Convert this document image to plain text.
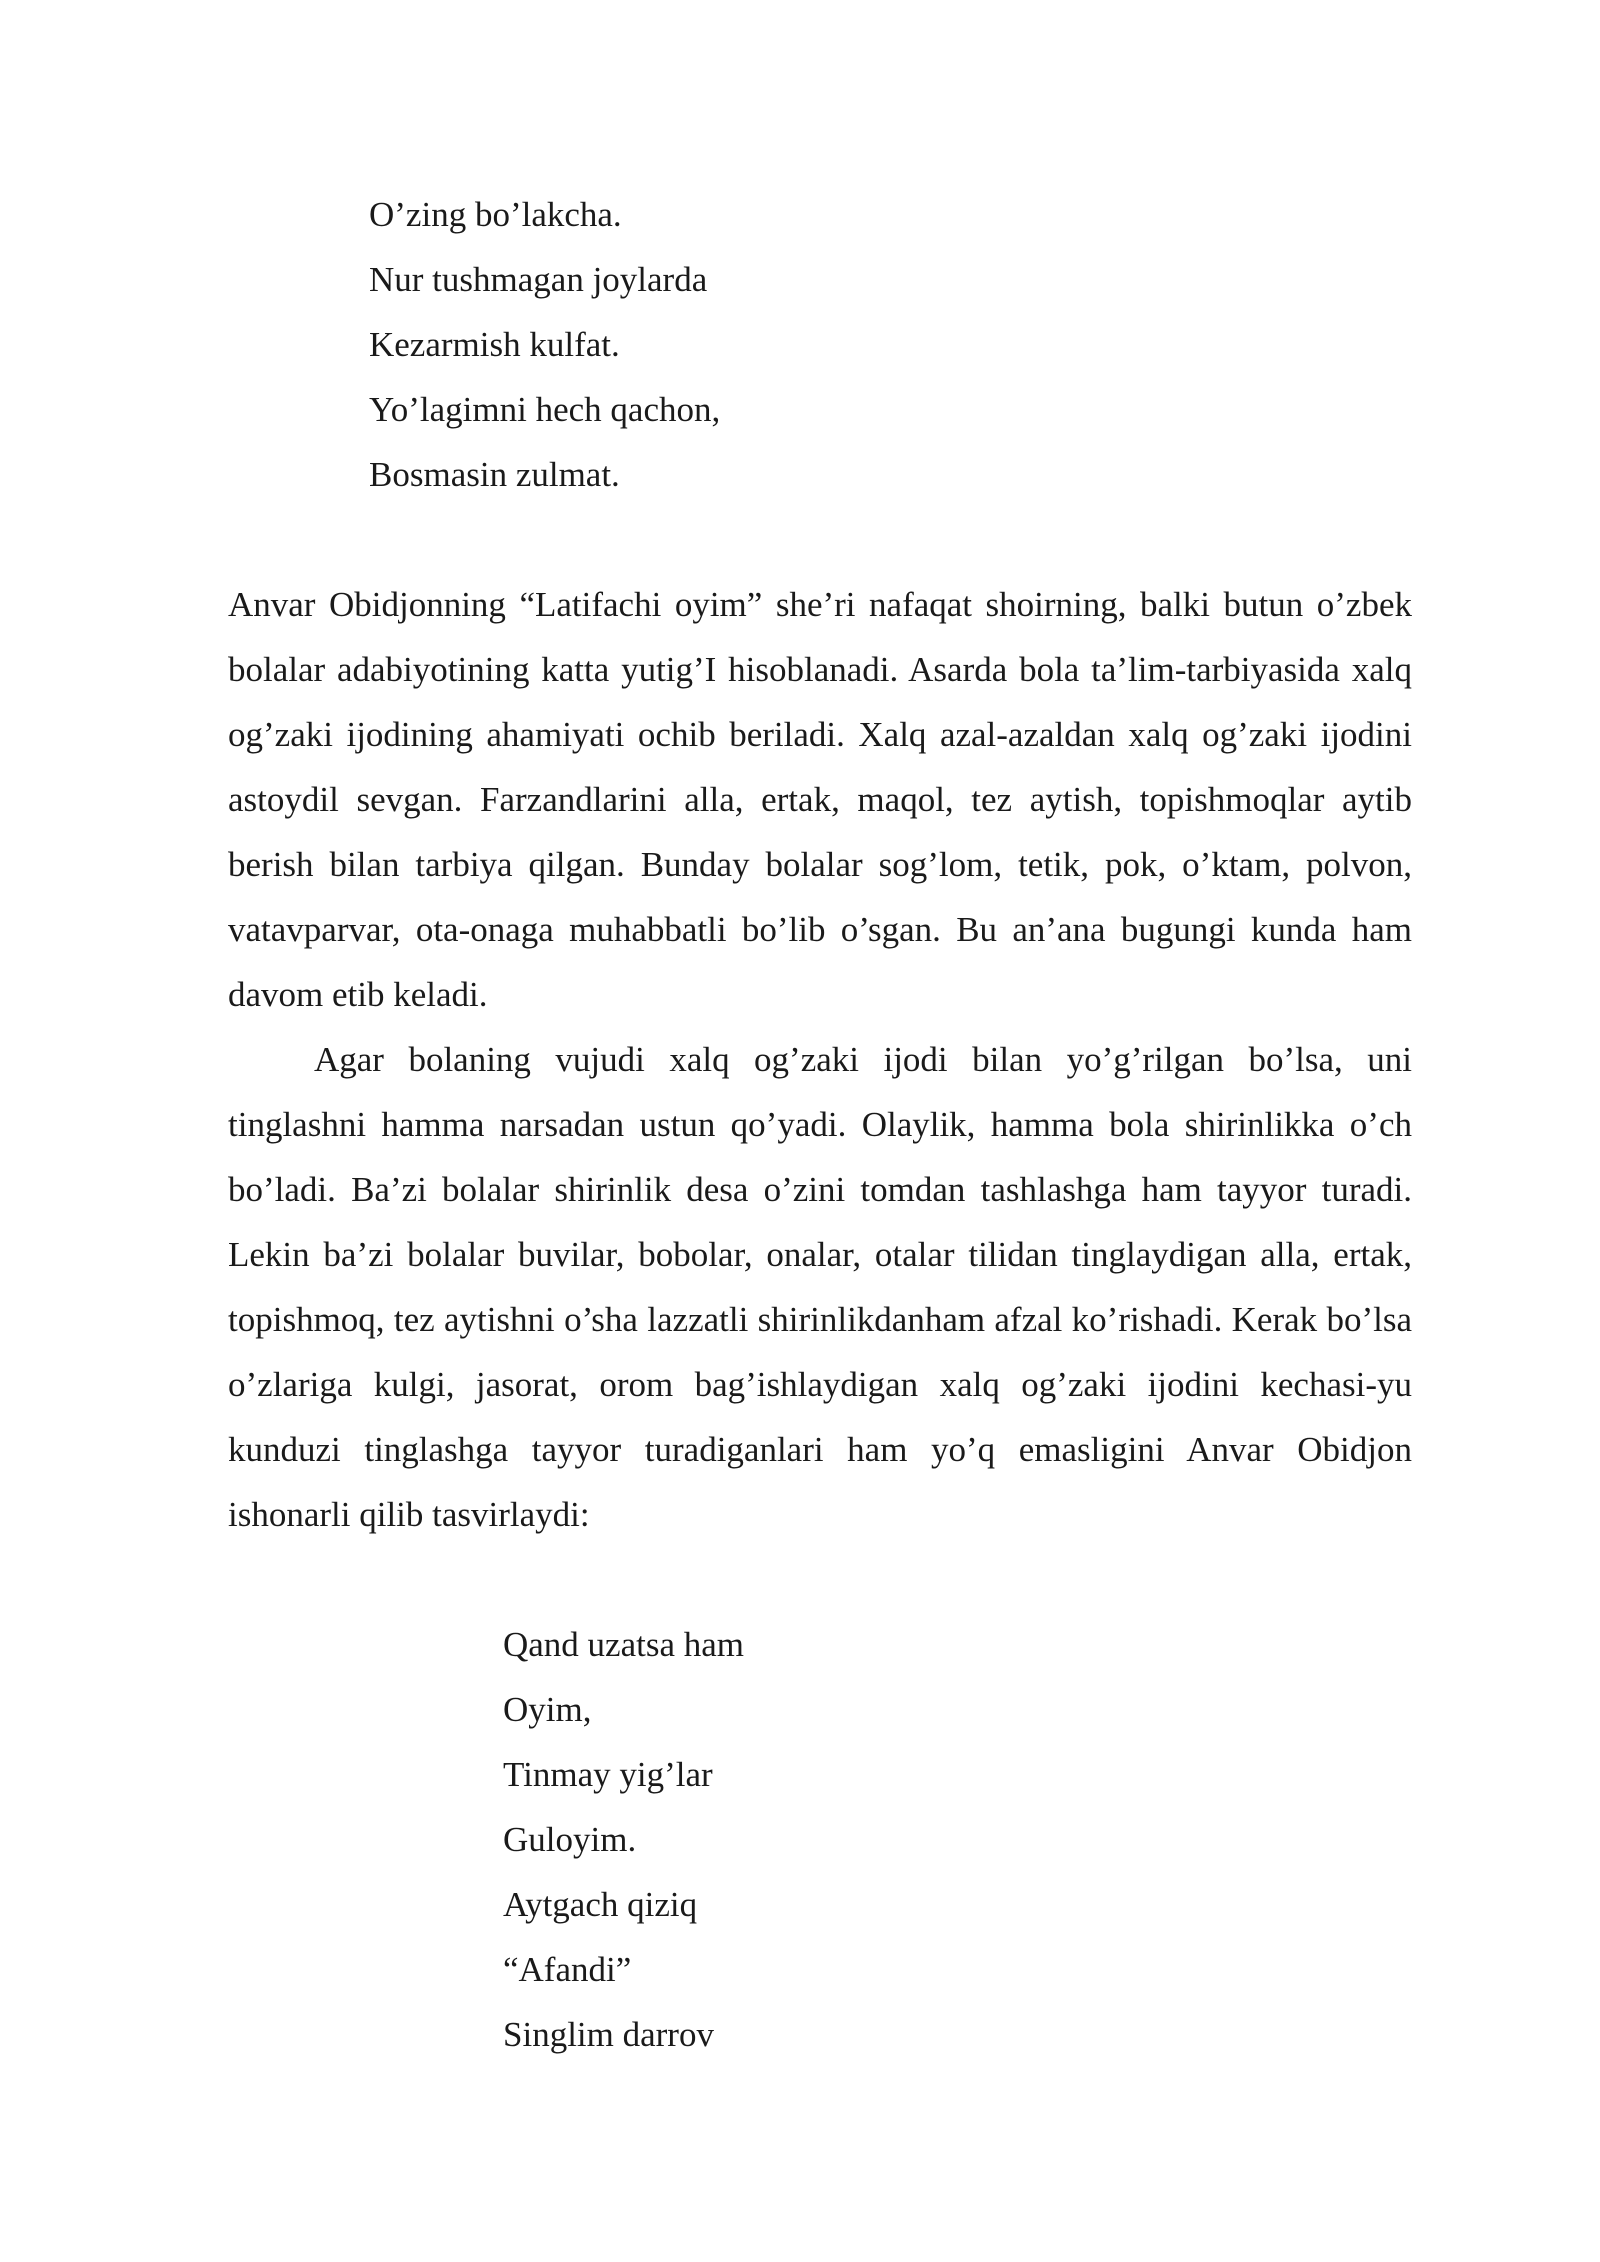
O’zing bo’lakcha.
Nur tushmagan joylarda
Kezarmish kulfat.
Yo’lagimni hech qachon,
Bosmasin zulmat.

Anvar Obidjonning “Latifachi oyim” she’ri nafaqat shoirning, balki butun o’zbek bolalar adabiyotining katta yutig’I hisoblanadi. Asarda bola ta’lim-tarbiyasida xalq og’zaki ijodining ahamiyati ochib beriladi. Xalq azal-azaldan xalq og’zaki ijodini astoydil sevgan. Farzandlarini alla, ertak, maqol, tez aytish, topishmoqlar aytib berish bilan tarbiya qilgan. Bunday bolalar sog’lom, tetik, pok, o’ktam, polvon, vatavparvar, ota-onaga muhabbatli bo’lib o’sgan. Bu an’ana bugungi kunda ham davom etib keladi.

Agar bolaning vujudi xalq og’zaki ijodi bilan yo’g’rilgan bo’lsa, uni tinglashni hamma narsadan ustun qo’yadi. Olaylik, hamma bola shirinlikka o’ch bo’ladi. Ba’zi bolalar shirinlik desa o’zini tomdan tashlashga ham tayyor turadi. Lekin ba’zi bolalar buvilar, bobolar, onalar, otalar tilidan tinglaydigan alla, ertak, topishmoq, tez aytishni o’sha lazzatli shirinlikdanham afzal ko’rishadi. Kerak bo’lsa o’zlariga kulgi, jasorat, orom bag’ishlaydigan xalq og’zaki ijodini kechasi-yu kunduzi tinglashga tayyor turadiganlari ham yo’q emasligini Anvar Obidjon ishonarli qilib tasvirlaydi:

Qand uzatsa ham
Oyim,
Tinmay yig’lar
Guloyim.
Aytgach qiziq
“Afandi”
Singlim darrov
